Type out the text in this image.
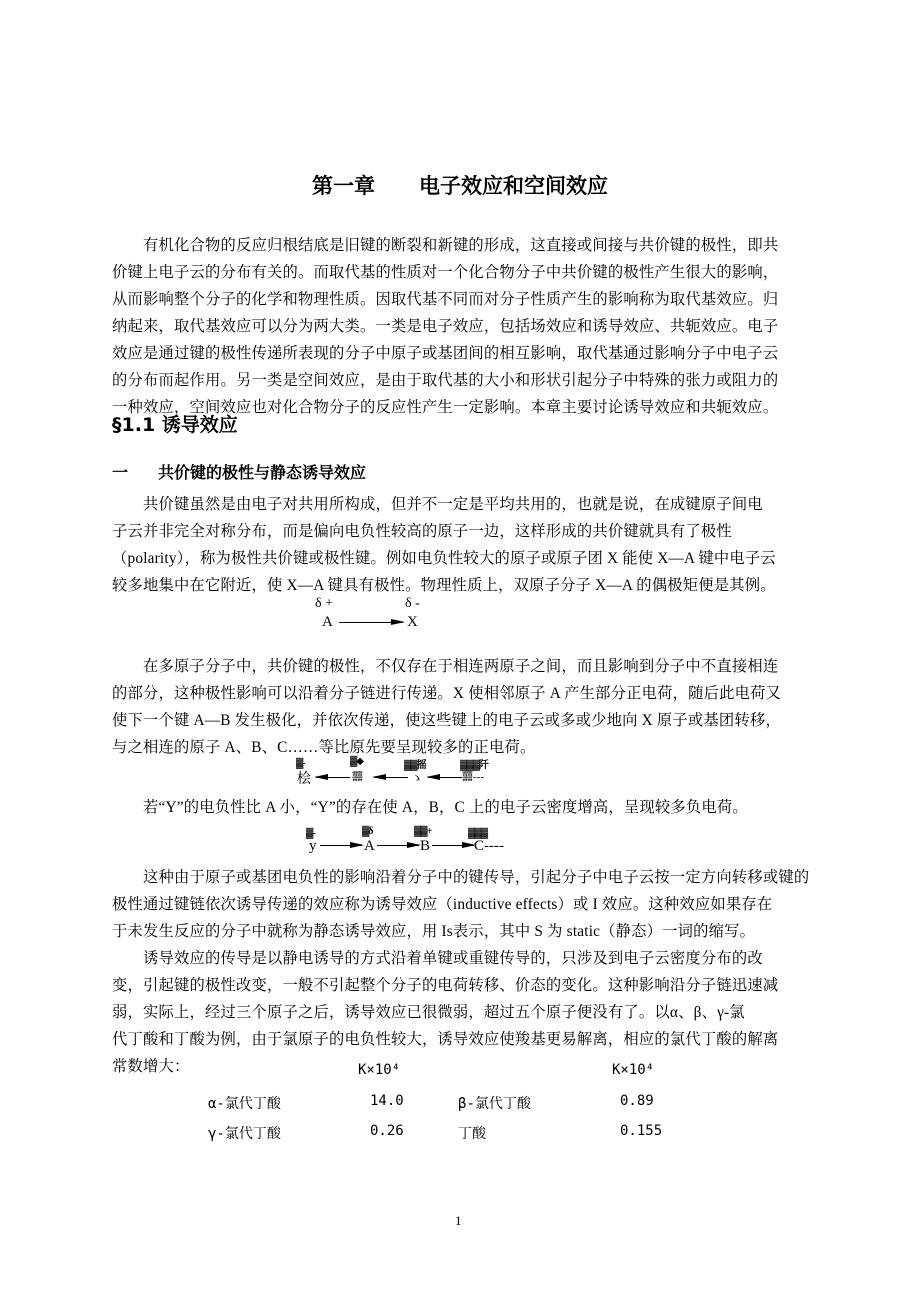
第一章 电子效应和空间效应
有机化合物的反应归根结底是旧键的断裂和新键的形成，这直接或间接与共价键的极性，即共
价键上电子云的分布有关的。而取代基的性质对一个化合物分子中共价键的极性产生很大的影响，
从而影响整个分子的化学和物理性质。因取代基不同而对分子性质产生的影响称为取代基效应。归
纳起来，取代基效应可以分为两大类。一类是电子效应，包括场效应和诱导效应、共轭效应。电子
效应是通过键的极性传递所表现的分子中原子或基团间的相互影响，取代基通过影响分子中电子云
的分布而起作用。另一类是空间效应，是由于取代基的大小和形状引起分子中特殊的张力或阻力的
一种效应，空间效应也对化合物分子的反应性产生一定影响。本章主要讨论诱导效应和共轭效应。
§1.1 诱导效应
一 共价键的极性与静态诱导效应
共价键虽然是由电子对共用所构成，但并不一定是平均共用的，也就是说，在成键原子间电
子云并非完全对称分布，而是偏向电负性较高的原子一边，这样形成的共价键就具有了极性
（polarity），称为极性共价键或极性键。例如电负性较大的原子或原子团 X 能使 X—A 键中电子云
较多地集中在它附近，使 X—A 键具有极性。物理性质上，双原子分子 X—A 的偶极矩便是其例。
δ +	δ -
A	X
在多原子分子中，共价键的极性，不仅存在于相连两原子之间，而且影响到分子中不直接相连
的部分，这种极性影响可以沿着分子链进行传递。X 使相邻原子 A 产生部分正电荷，随后此电荷又
使下一个键 A—B 发生极化，并依次传递，使这些键上的电子云或多或少地向 X 原子或基团转移，
与之相连的原子 A、B、C……等比原先要呈现较多的正电荷。
▓-	▓◆	▓▓摇	▓▓▓阡
桧	䨻	ゝ	䨻---
若“Y”的电负性比 A 小，“Y”的存在使 A，B，C 上的电子云密度增高，呈现较多负电荷。
▓-	▓δ	▓▓+	▓▓▓
y	A	B	C----
这种由于原子或基团电负性的影响沿着分子中的键传导，引起分子中电子云按一定方向转移或键的
极性通过键链依次诱导传递的效应称为诱导效应（inductive effects）或 I 效应。这种效应如果存在
于未发生反应的分子中就称为静态诱导效应，用 Is表示，其中 S 为 static（静态）一词的缩写。
诱导效应的传导是以静电诱导的方式沿着单键或重键传导的，只涉及到电子云密度分布的改
变，引起键的极性改变，一般不引起整个分子的电荷转移、价态的变化。这种影响沿分子链迅速减
弱，实际上，经过三个原子之后，诱导效应已很微弱，超过五个原子便没有了。以α、β、γ-氯
代丁酸和丁酸为例，由于氯原子的电负性较大，诱导效应使羧基更易解离，相应的氯代丁酸的解离
常数增大：	K×10⁴	K×10⁴
α-氯代丁酸	14.0	β-氯代丁酸	0.89
γ-氯代丁酸	0.26	丁酸	0.155
1
